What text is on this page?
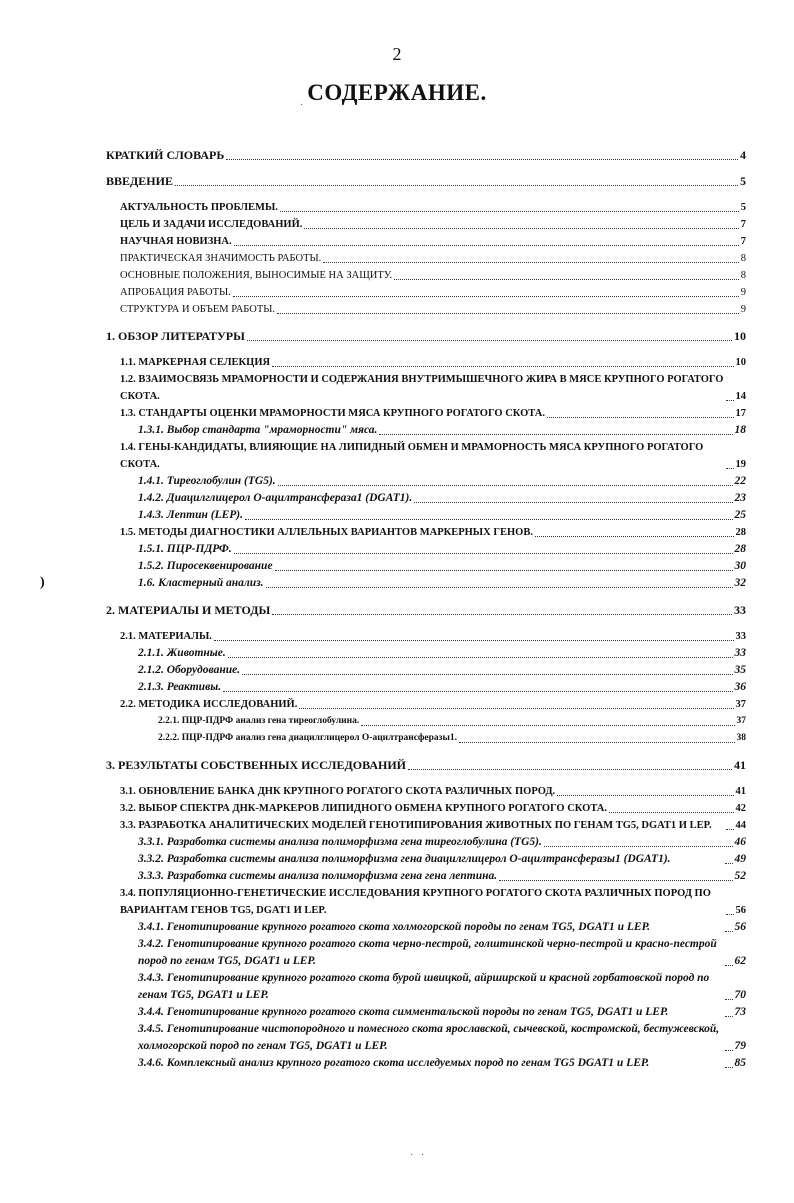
2
СОДЕРЖАНИЕ.
)
·
·   ·
КРАТКИЙ СЛОВАРЬ	4
ВВЕДЕНИЕ	5
АКТУАЛЬНОСТЬ ПРОБЛЕМЫ.	5
ЦЕЛЬ И ЗАДАЧИ ИССЛЕДОВАНИЙ.	7
НАУЧНАЯ НОВИЗНА.	7
ПРАКТИЧЕСКАЯ ЗНАЧИМОСТЬ РАБОТЫ.	8
ОСНОВНЫЕ ПОЛОЖЕНИЯ, ВЫНОСИМЫЕ НА ЗАЩИТУ.	8
АПРОБАЦИЯ РАБОТЫ.	9
СТРУКТУРА И ОБЪЕМ РАБОТЫ.	9
1. ОБЗОР ЛИТЕРАТУРЫ	10
1.1. МАРКЕРНАЯ СЕЛЕКЦИЯ	10
1.2. ВЗАИМОСВЯЗЬ МРАМОРНОСТИ И СОДЕРЖАНИЯ ВНУТРИМЫШЕЧНОГО ЖИРА В МЯСЕ КРУПНОГО РОГАТОГО СКОТА.	14
1.3. СТАНДАРТЫ ОЦЕНКИ МРАМОРНОСТИ МЯСА КРУПНОГО РОГАТОГО СКОТА.	17
1.3.1. Выбор стандарта "мраморности" мяса.	18
1.4. ГЕНЫ-КАНДИДАТЫ, ВЛИЯЮЩИЕ НА ЛИПИДНЫЙ ОБМЕН И МРАМОРНОСТЬ МЯСА КРУПНОГО РОГАТОГО СКОТА.	19
1.4.1. Тиреоглобулин (TG5).	22
1.4.2. Диацилглицерол О-ацилтрансфераза1 (DGAT1).	23
1.4.3. Лептин (LEP).	25
1.5. МЕТОДЫ ДИАГНОСТИКИ АЛЛЕЛЬНЫХ ВАРИАНТОВ МАРКЕРНЫХ ГЕНОВ.	28
1.5.1. ПЦР-ПДРФ.	28
1.5.2. Пиросеквенирование	30
1.6. Кластерный анализ.	32
2. МАТЕРИАЛЫ И МЕТОДЫ	33
2.1. МАТЕРИАЛЫ.	33
2.1.1. Животные.	33
2.1.2. Оборудование.	35
2.1.3. Реактивы.	36
2.2. МЕТОДИКА ИССЛЕДОВАНИЙ.	37
2.2.1. ПЦР-ПДРФ анализ гена тиреоглобулина.	37
2.2.2. ПЦР-ПДРФ анализ гена диацилглицерол О-ацилтрансферазы1.	38
3. РЕЗУЛЬТАТЫ СОБСТВЕННЫХ ИССЛЕДОВАНИЙ	41
3.1. ОБНОВЛЕНИЕ БАНКА ДНК КРУПНОГО РОГАТОГО СКОТА РАЗЛИЧНЫХ ПОРОД.	41
3.2. ВЫБОР СПЕКТРА ДНК-МАРКЕРОВ ЛИПИДНОГО ОБМЕНА КРУПНОГО РОГАТОГО СКОТА.	42
3.3. РАЗРАБОТКА АНАЛИТИЧЕСКИХ МОДЕЛЕЙ ГЕНОТИПИРОВАНИЯ ЖИВОТНЫХ ПО ГЕНАМ TG5, DGAT1 И LEP.	44
3.3.1. Разработка системы анализа полиморфизма гена тиреоглобулина (TG5).	46
3.3.2. Разработка системы анализа полиморфизма гена диацилглицерол О-ацилтрансферазы1 (DGAT1).	49
3.3.3. Разработка системы анализа полиморфизма гена гена лептина.	52
3.4. ПОПУЛЯЦИОННО-ГЕНЕТИЧЕСКИЕ ИССЛЕДОВАНИЯ КРУПНОГО РОГАТОГО СКОТА РАЗЛИЧНЫХ ПОРОД ПО ВАРИАНТАМ ГЕНОВ TG5, DGAT1 И LEP.	56
3.4.1. Генотипирование крупного рогатого скота холмогорской породы по генам TG5, DGAT1 и LEP.	56
3.4.2. Генотипирование крупного рогатого скота черно-пестрой, голштинской черно-пестрой и красно-пестрой пород по генам TG5, DGAT1 и LEP.	62
3.4.3. Генотипирование крупного рогатого скота бурой швицкой, айрширской и красной горбатовской пород по генам TG5, DGAT1 и LEP.	70
3.4.4. Генотипирование крупного рогатого скота симментальской породы по генам TG5, DGAT1 и LEP.	73
3.4.5. Генотипирование чистопородного и помесного скота ярославской, сычевской, костромской, бестужевской, холмогорской пород по генам TG5, DGAT1 и LEP.	79
3.4.6. Комплексный анализ крупного рогатого скота исследуемых пород по генам TG5 DGAT1 и LEP.	85
